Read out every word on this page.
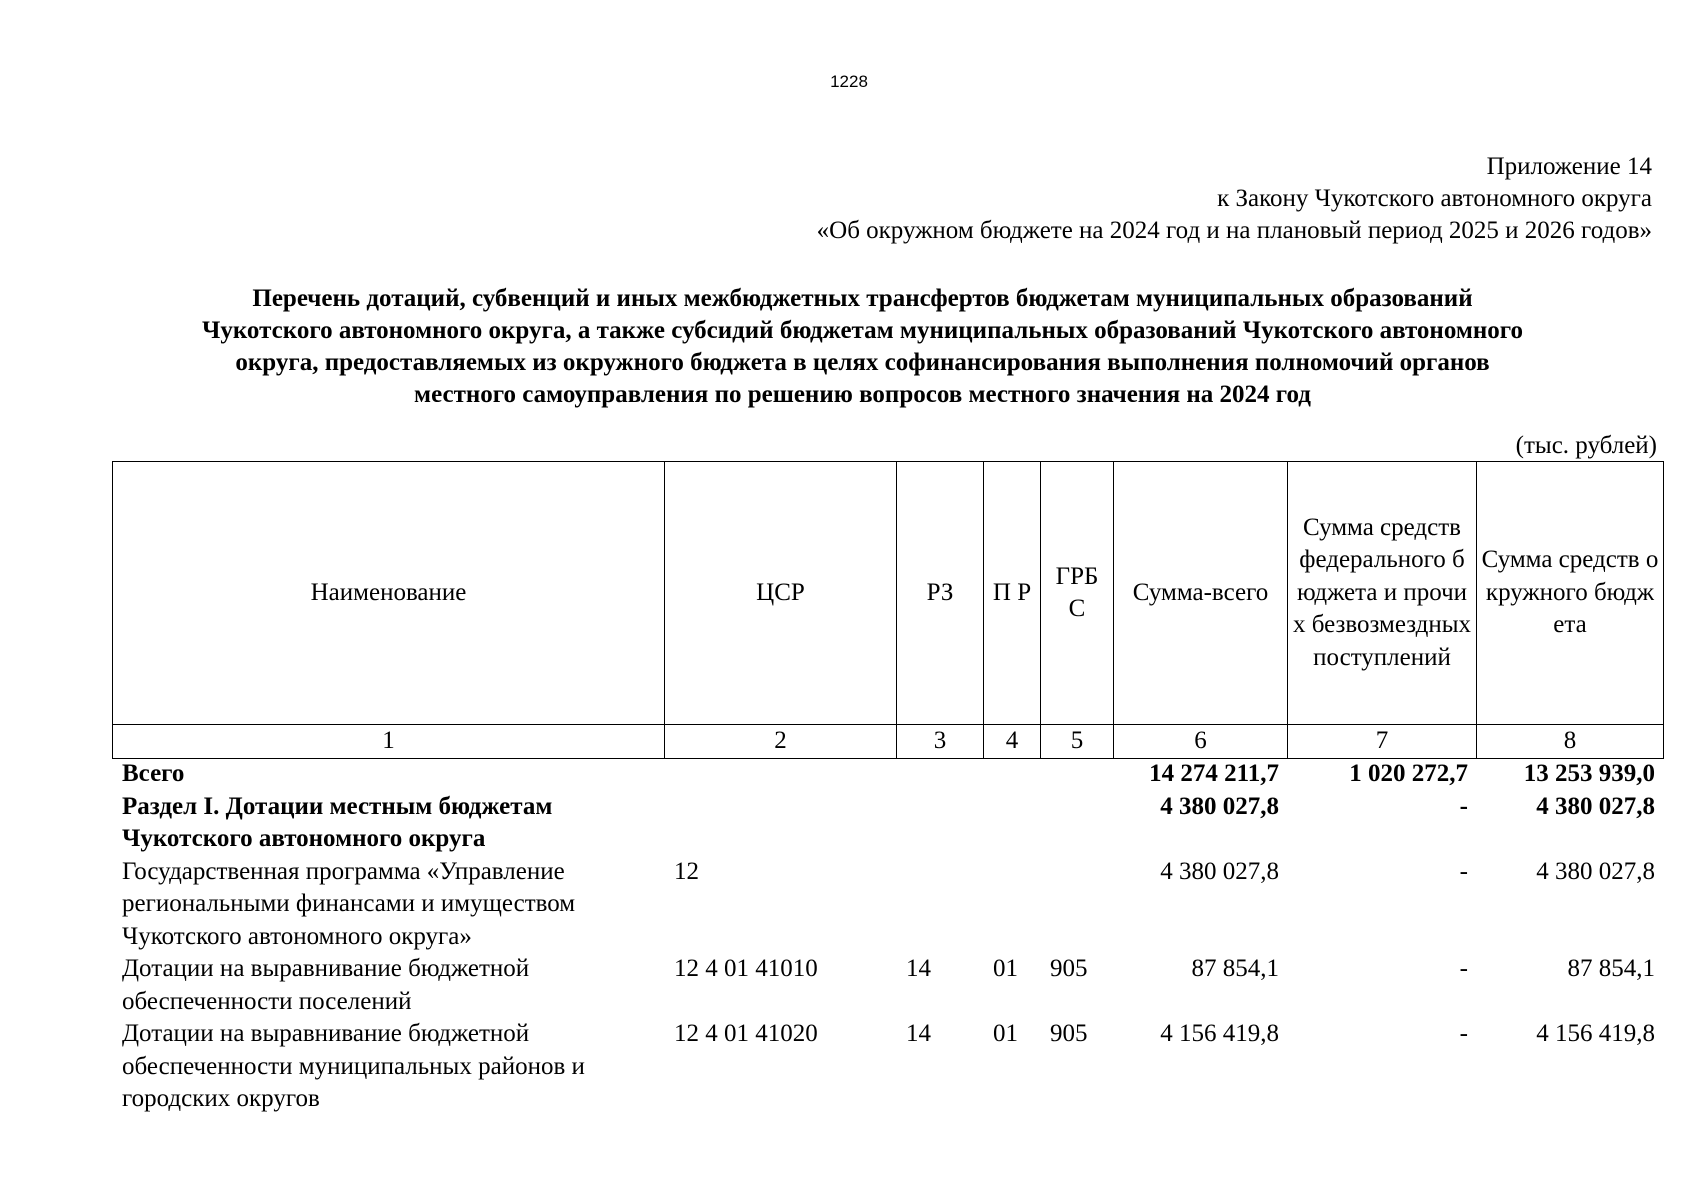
1228
Приложение 14
к Закону Чукотского автономного округа
«Об окружном бюджете на 2024 год и на плановый период 2025 и 2026 годов»
Перечень дотаций, субвенций и иных межбюджетных трансфертов бюджетам муниципальных образований
Чукотского автономного округа, а также субсидий бюджетам муниципальных образований Чукотского автономного
округа, предоставляемых из окружного бюджета в целях софинансирования выполнения полномочий органов
местного самоуправления по решению вопросов местного значения на 2024 год
(тыс. рублей)
Наименование	ЦСР	РЗ	П Р	ГРБ С	Сумма-всего	Сумма средств федерального бюджета и прочих безвозмездных поступлений	Сумма средств окружного бюджета
1	2	3	4	5	6	7	8
Всего					14 274 211,7	1 020 272,7	13 253 939,0
Раздел I. Дотации местным бюджетам Чукотского автономного округа					4 380 027,8	-	4 380 027,8
Государственная программа «Управление региональными финансами и имуществом Чукотского автономного округа»	12				4 380 027,8	-	4 380 027,8
Дотации на выравнивание бюджетной обеспеченности поселений	12 4 01 41010	14	01	905	87 854,1	-	87 854,1
Дотации на выравнивание бюджетной обеспеченности муниципальных районов и городских округов	12 4 01 41020	14	01	905	4 156 419,8	-	4 156 419,8
